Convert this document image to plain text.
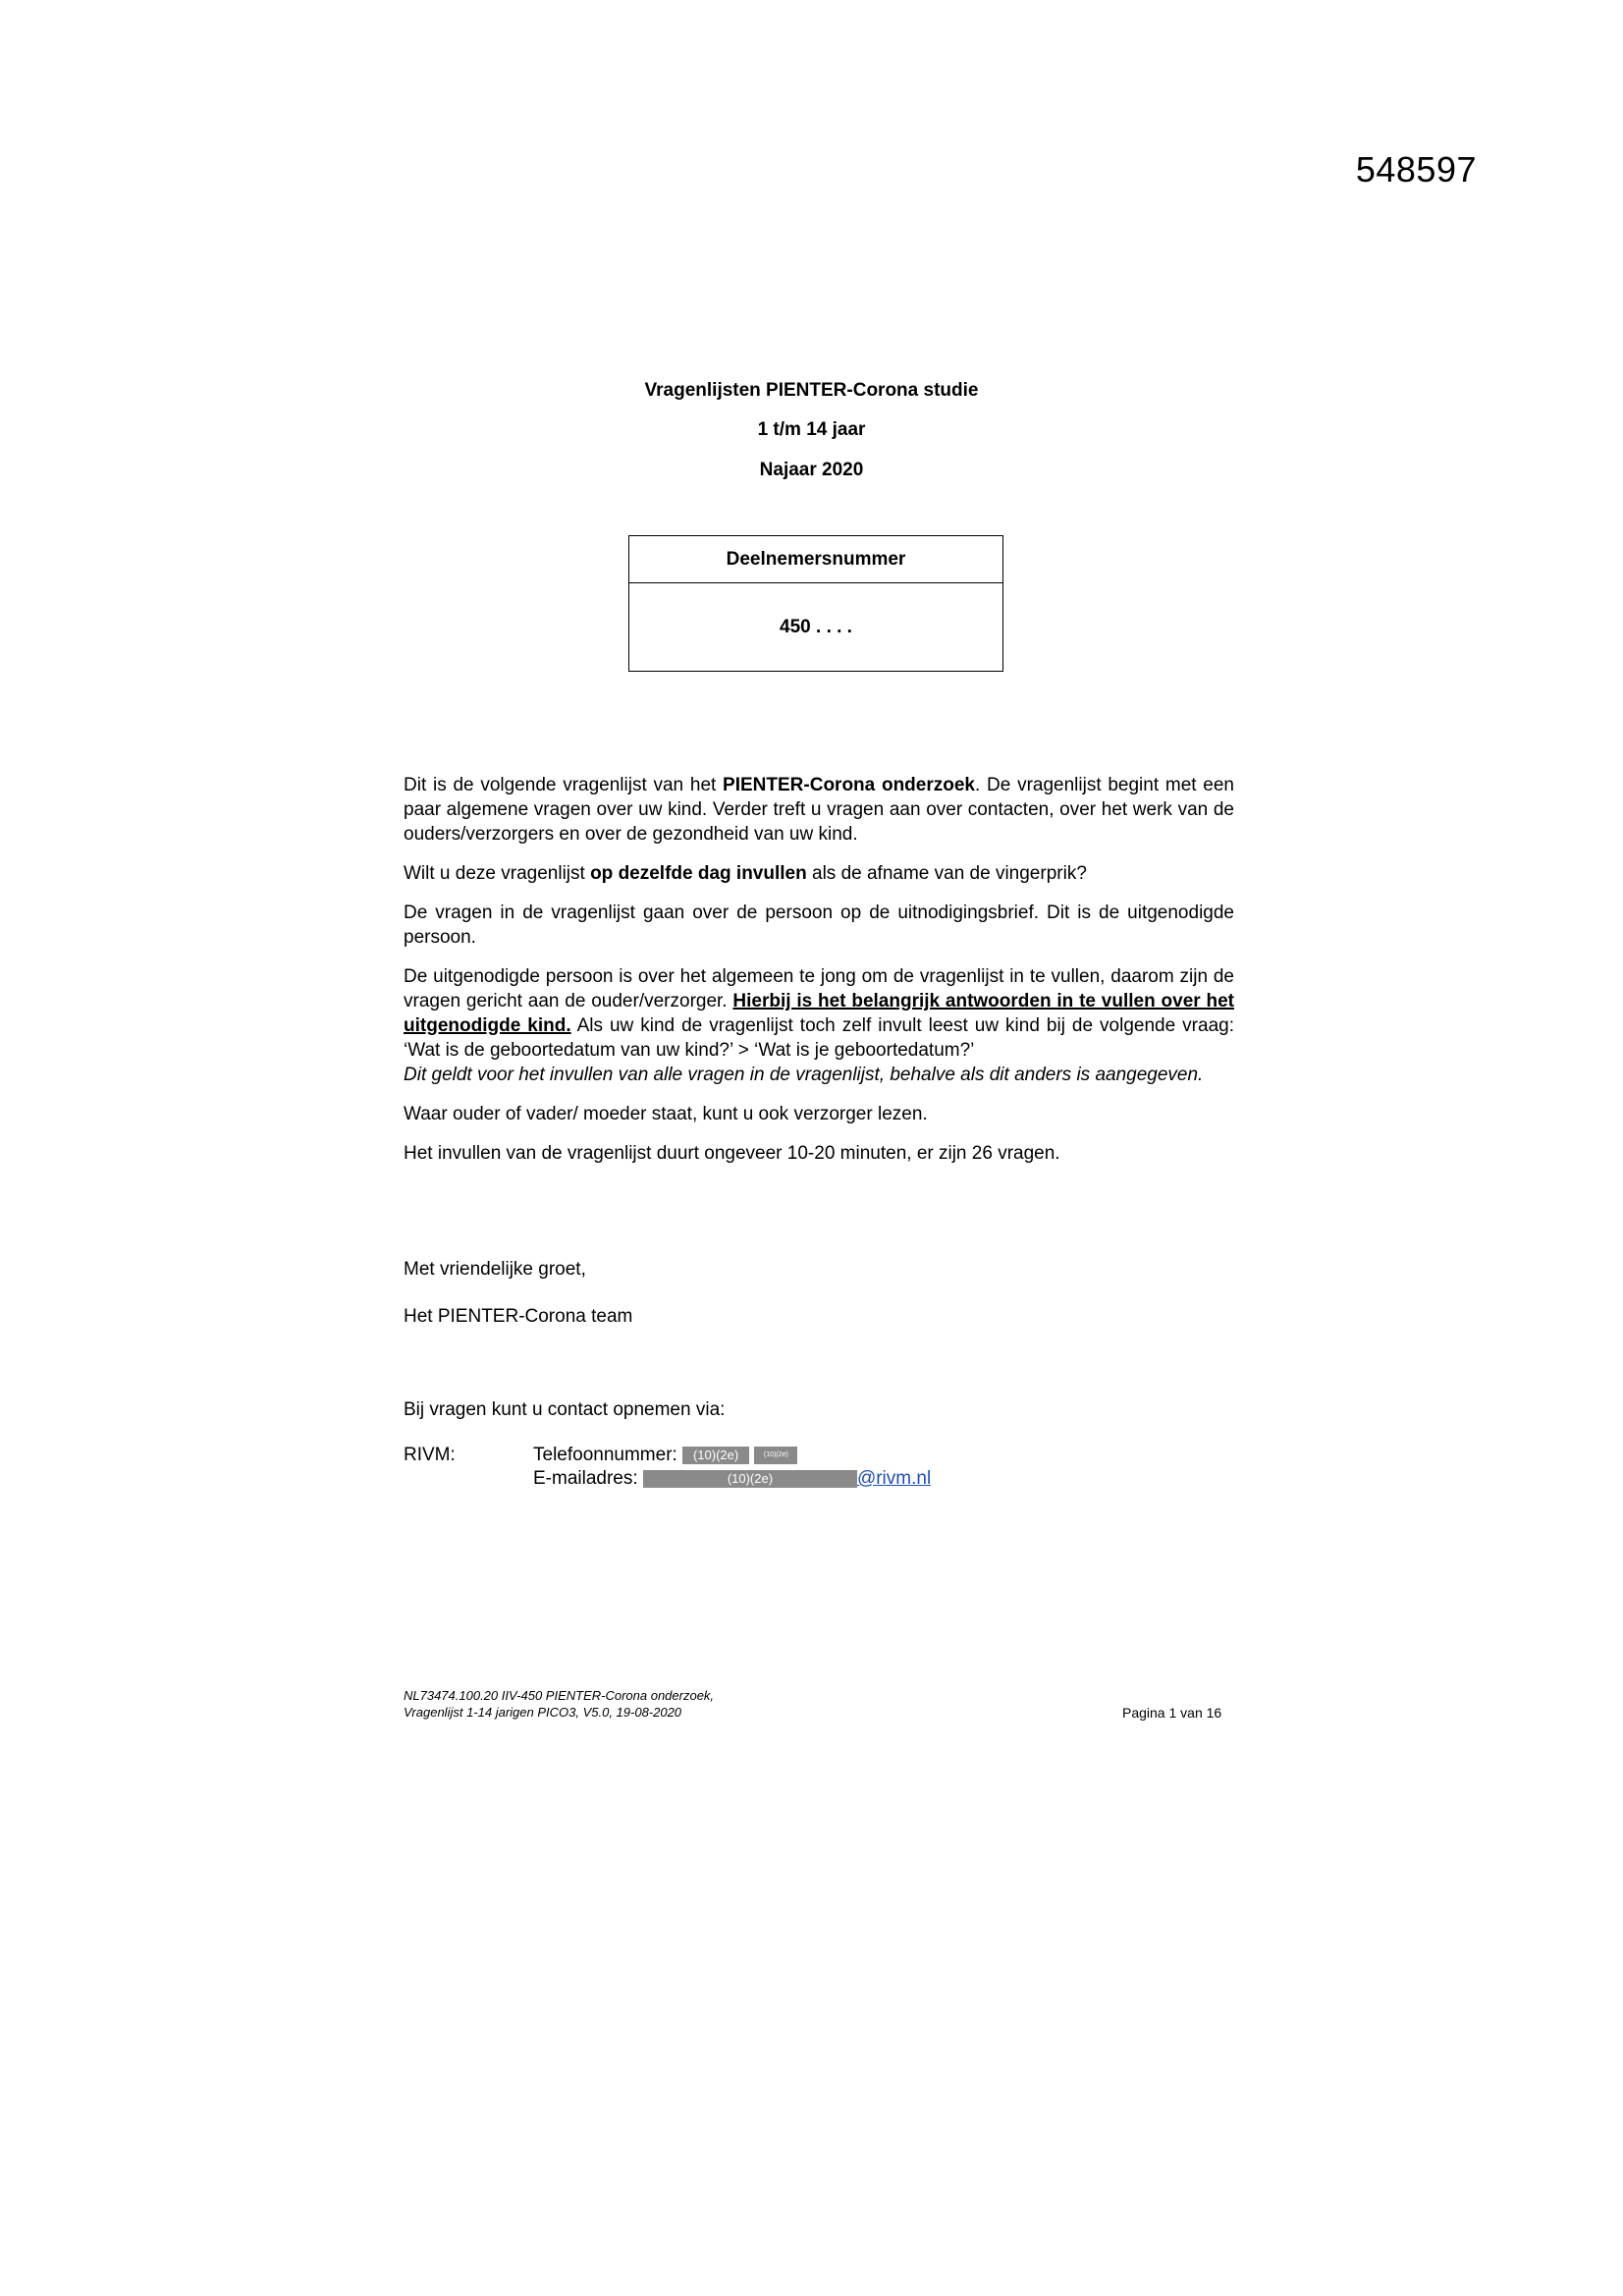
548597
Vragenlijsten PIENTER-Corona studie
1 t/m 14 jaar
Najaar 2020
Deelnemersnummer
450 . . . .

Dit is de volgende vragenlijst van het PIENTER-Corona onderzoek. De vragenlijst begint met een paar algemene vragen over uw kind. Verder treft u vragen aan over contacten, over het werk van de ouders/verzorgers en over de gezondheid van uw kind.

Wilt u deze vragenlijst op dezelfde dag invullen als de afname van de vingerprik?

De vragen in de vragenlijst gaan over de persoon op de uitnodigingsbrief. Dit is de uitgenodigde persoon.

De uitgenodigde persoon is over het algemeen te jong om de vragenlijst in te vullen, daarom zijn de vragen gericht aan de ouder/verzorger. Hierbij is het belangrijk antwoorden in te vullen over het uitgenodigde kind. Als uw kind de vragenlijst toch zelf invult leest uw kind bij de volgende vraag: ‘Wat is de geboortedatum van uw kind?’ > ‘Wat is je geboortedatum?’
Dit geldt voor het invullen van alle vragen in de vragenlijst, behalve als dit anders is aangegeven.

Waar ouder of vader/ moeder staat, kunt u ook verzorger lezen.

Het invullen van de vragenlijst duurt ongeveer 10-20 minuten, er zijn 26 vragen.

Met vriendelijke groet,
Het PIENTER-Corona team
Bij vragen kunt u contact opnemen via:
RIVM:	Telefoonnummer: (10)(2e)	(10)(2e)
E-mailadres:	(10)(2e)	@rivm.nl
NL73474.100.20 IIV-450 PIENTER-Corona onderzoek,
Vragenlijst 1-14 jarigen PICO3, V5.0, 19-08-2020	Pagina 1 van 16
